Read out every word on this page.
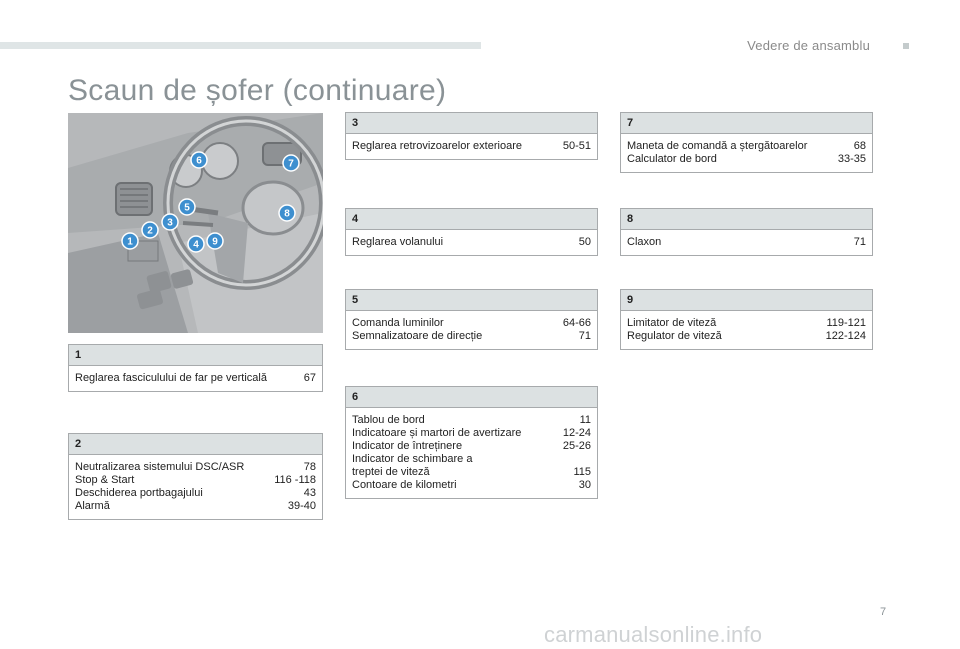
Vedere de ansamblu
Scaun de șofer (continuare)
1
2
3
4
5
6	7
8
9
1
Reglarea fasciculului de far pe verticală	67
2
Neutralizarea sistemului DSC/ASR	78
Stop & Start	116 -118
Deschiderea portbagajului	43
Alarmă	39-40
3
Reglarea retrovizoarelor exterioare	50-51
4
Reglarea volanului	50
5
Comanda luminilor	64-66
Semnalizatoare de direcție	71
6
Tablou de bord	11
Indicatoare și martori de avertizare	12-24
Indicator de întreținere	25-26
Indicator de schimbare a
treptei de viteză	115
Contoare de kilometri	30
7
Maneta de comandă a ștergătoarelor	68
Calculator de bord	33-35
8
Claxon	71
9
Limitator de viteză	119-121
Regulator de viteză	122-124
7
carmanualsonline.info
